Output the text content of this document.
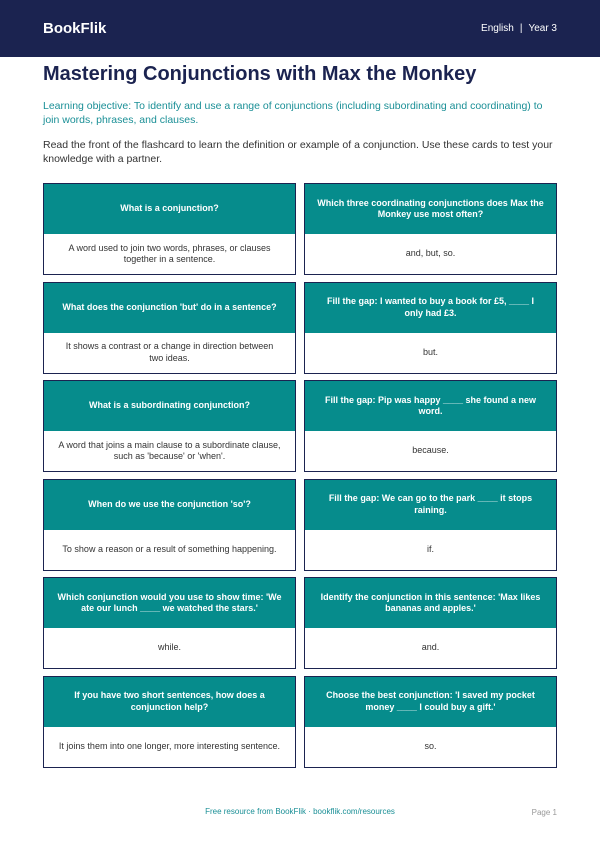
BookFlik	English | Year 3
Mastering Conjunctions with Max the Monkey

Learning objective: To identify and use a range of conjunctions (including subordinating and coordinating) to join words, phrases, and clauses.

Read the front of the flashcard to learn the definition or example of a conjunction. Use these cards to test your knowledge with a partner.

What is a conjunction?
A word used to join two words, phrases, or clauses together in a sentence.
Which three coordinating conjunctions does Max the Monkey use most often?
and, but, so.
What does the conjunction 'but' do in a sentence?
It shows a contrast or a change in direction between two ideas.
Fill the gap: I wanted to buy a book for £5, ____ I only had £3.
but.
What is a subordinating conjunction?
A word that joins a main clause to a subordinate clause, such as 'because' or 'when'.
Fill the gap: Pip was happy ____ she found a new word.
because.
When do we use the conjunction 'so'?
To show a reason or a result of something happening.
Fill the gap: We can go to the park ____ it stops raining.
if.
Which conjunction would you use to show time: 'We ate our lunch ____ we watched the stars.'
while.
Identify the conjunction in this sentence: 'Max likes bananas and apples.'
and.
If you have two short sentences, how does a conjunction help?
It joins them into one longer, more interesting sentence.
Choose the best conjunction: 'I saved my pocket money ____ I could buy a gift.'
so.
Free resource from BookFlik · bookflik.com/resources	Page 1
